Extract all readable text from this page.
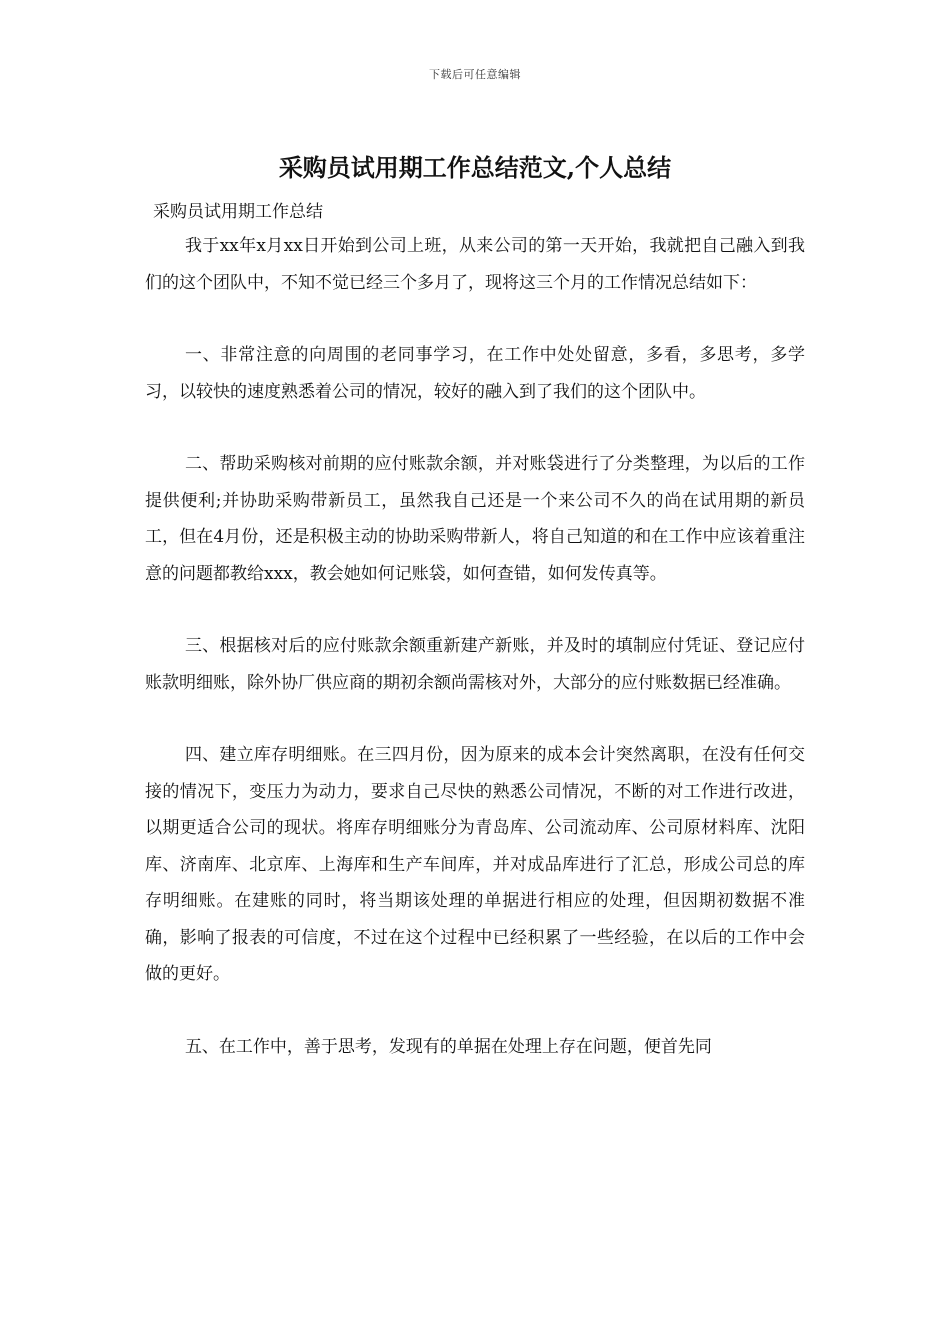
下载后可任意编辑
采购员试用期工作总结范文,个人总结
采购员试用期工作总结

我于xx年x月xx日开始到公司上班，从来公司的第一天开始，我就把自己融入到我们的这个团队中，不知不觉已经三个多月了，现将这三个月的工作情况总结如下：

一、非常注意的向周围的老同事学习，在工作中处处留意，多看，多思考，多学习，以较快的速度熟悉着公司的情况，较好的融入到了我们的这个团队中。

二、帮助采购核对前期的应付账款余额，并对账袋进行了分类整理，为以后的工作提供便利;并协助采购带新员工，虽然我自己还是一个来公司不久的尚在试用期的新员工，但在4月份，还是积极主动的协助采购带新人，将自己知道的和在工作中应该着重注意的问题都教给xxx，教会她如何记账袋，如何查错，如何发传真等。

三、根据核对后的应付账款余额重新建产新账，并及时的填制应付凭证、登记应付账款明细账，除外协厂供应商的期初余额尚需核对外，大部分的应付账数据已经准确。

四、建立库存明细账。在三四月份，因为原来的成本会计突然离职，在没有任何交接的情况下，变压力为动力，要求自己尽快的熟悉公司情况，不断的对工作进行改进，以期更适合公司的现状。将库存明细账分为青岛库、公司流动库、公司原材料库、沈阳库、济南库、北京库、上海库和生产车间库，并对成品库进行了汇总，形成公司总的库存明细账。在建账的同时，将当期该处理的单据进行相应的处理，但因期初数据不准确，影响了报表的可信度，不过在这个过程中已经积累了一些经验，在以后的工作中会做的更好。

五、在工作中，善于思考，发现有的单据在处理上存在问题，便首先同
